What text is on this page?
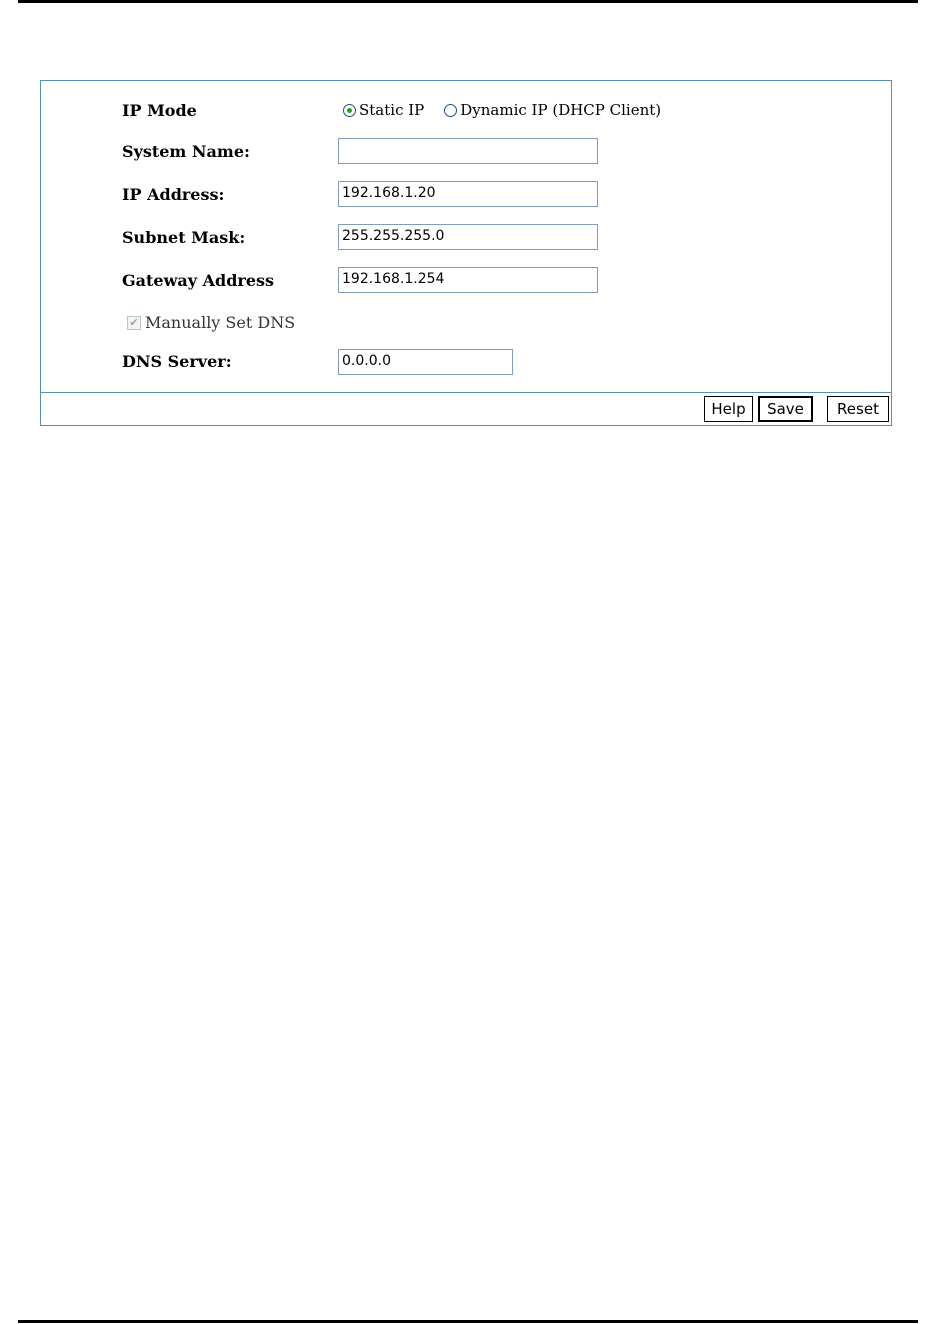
IP Mode	Static IP Dynamic IP (DHCP Client)
System Name:
IP Address:	192.168.1.20
Subnet Mask:	255.255.255.0
Gateway Address	192.168.1.254
✔ Manually Set DNS
DNS Server:	0.0.0.0
Help	Save	Reset
